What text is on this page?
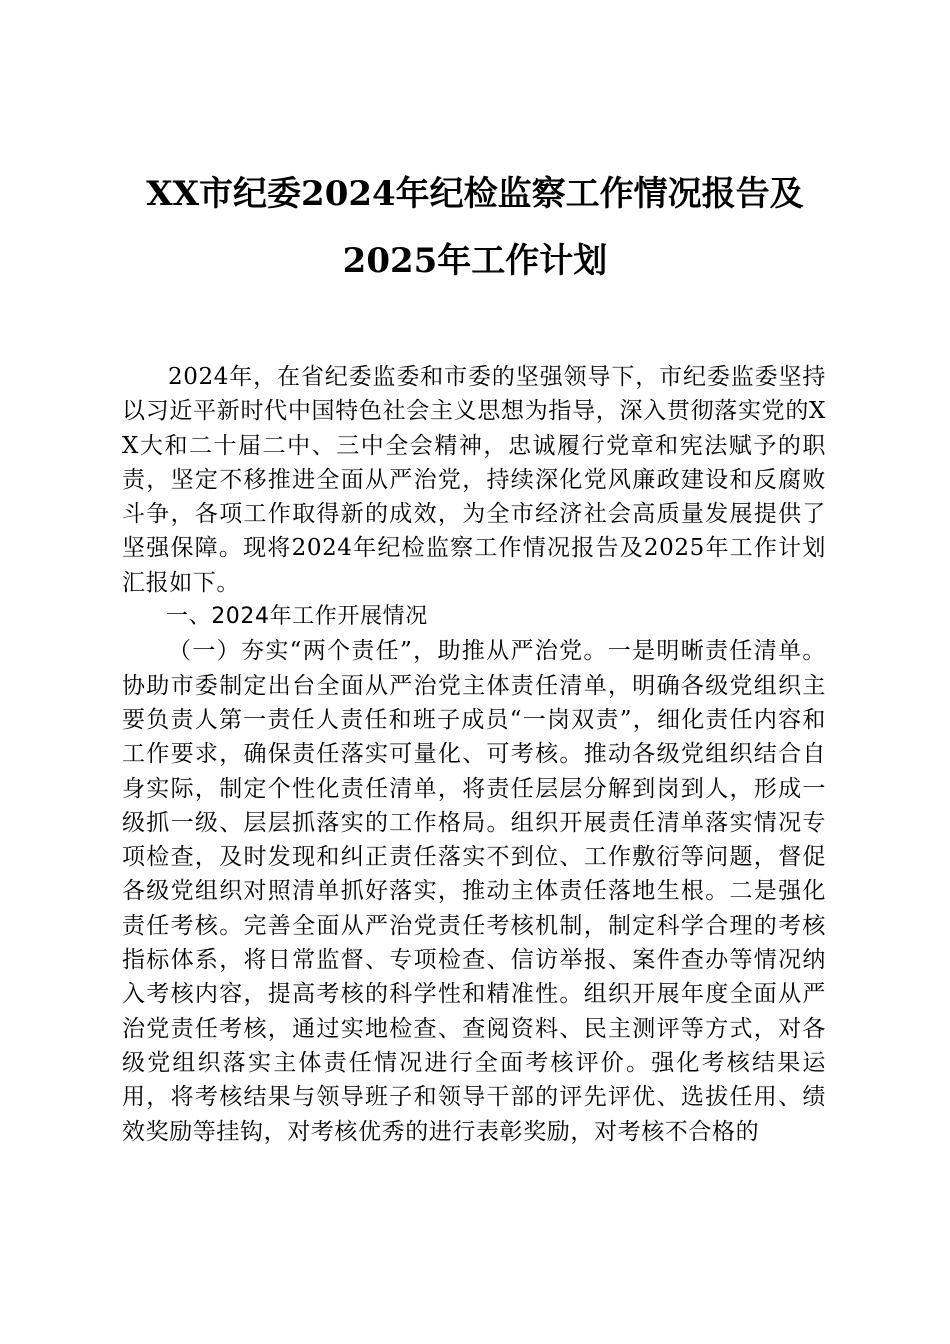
XX市纪委2024年纪检监察工作情况报告及
2025年工作计划

2024年，在省纪委监委和市委的坚强领导下，市纪委监委坚持以习近平新时代中国特色社会主义思想为指导，深入贯彻落实党的XX大和二十届二中、三中全会精神，忠诚履行党章和宪法赋予的职责，坚定不移推进全面从严治党，持续深化党风廉政建设和反腐败斗争，各项工作取得新的成效，为全市经济社会高质量发展提供了坚强保障。现将2024年纪检监察工作情况报告及2025年工作计划汇报如下。

一、2024年工作开展情况

（一）夯实“两个责任”，助推从严治党。一是明晰责任清单。协助市委制定出台全面从严治党主体责任清单，明确各级党组织主要负责人第一责任人责任和班子成员“一岗双责”，细化责任内容和工作要求，确保责任落实可量化、可考核。推动各级党组织结合自身实际，制定个性化责任清单，将责任层层分解到岗到人，形成一级抓一级、层层抓落实的工作格局。组织开展责任清单落实情况专项检查，及时发现和纠正责任落实不到位、工作敷衍等问题，督促各级党组织对照清单抓好落实，推动主体责任落地生根。二是强化责任考核。完善全面从严治党责任考核机制，制定科学合理的考核指标体系，将日常监督、专项检查、信访举报、案件查办等情况纳入考核内容，提高考核的科学性和精准性。组织开展年度全面从严治党责任考核，通过实地检查、查阅资料、民主测评等方式，对各级党组织落实主体责任情况进行全面考核评价。强化考核结果运用，将考核结果与领导班子和领导干部的评先评优、选拔任用、绩效奖励等挂钩，对考核优秀的进行表彰奖励，对考核不合格的
